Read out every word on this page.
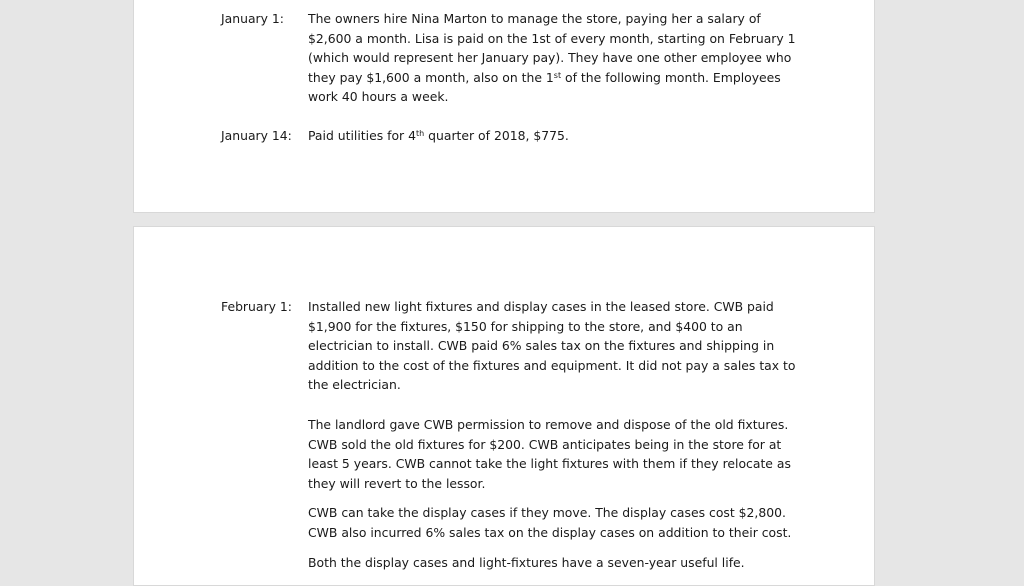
January 1: The owners hire Nina Marton to manage the store, paying her a salary of $2,600 a month. Lisa is paid on the 1st of every month, starting on February 1 (which would represent her January pay). They have one other employee who they pay $1,600 a month, also on the 1st of the following month. Employees work 40 hours a week.

January 14: Paid utilities for 4th quarter of 2018, $775.

February 1: Installed new light fixtures and display cases in the leased store. CWB paid $1,900 for the fixtures, $150 for shipping to the store, and $400 to an electrician to install. CWB paid 6% sales tax on the fixtures and shipping in addition to the cost of the fixtures and equipment. It did not pay a sales tax to the electrician.

The landlord gave CWB permission to remove and dispose of the old fixtures. CWB sold the old fixtures for $200. CWB anticipates being in the store for at least 5 years. CWB cannot take the light fixtures with them if they relocate as they will revert to the lessor.

CWB can take the display cases if they move. The display cases cost $2,800. CWB also incurred 6% sales tax on the display cases on addition to their cost.

Both the display cases and light-fixtures have a seven-year useful life.
